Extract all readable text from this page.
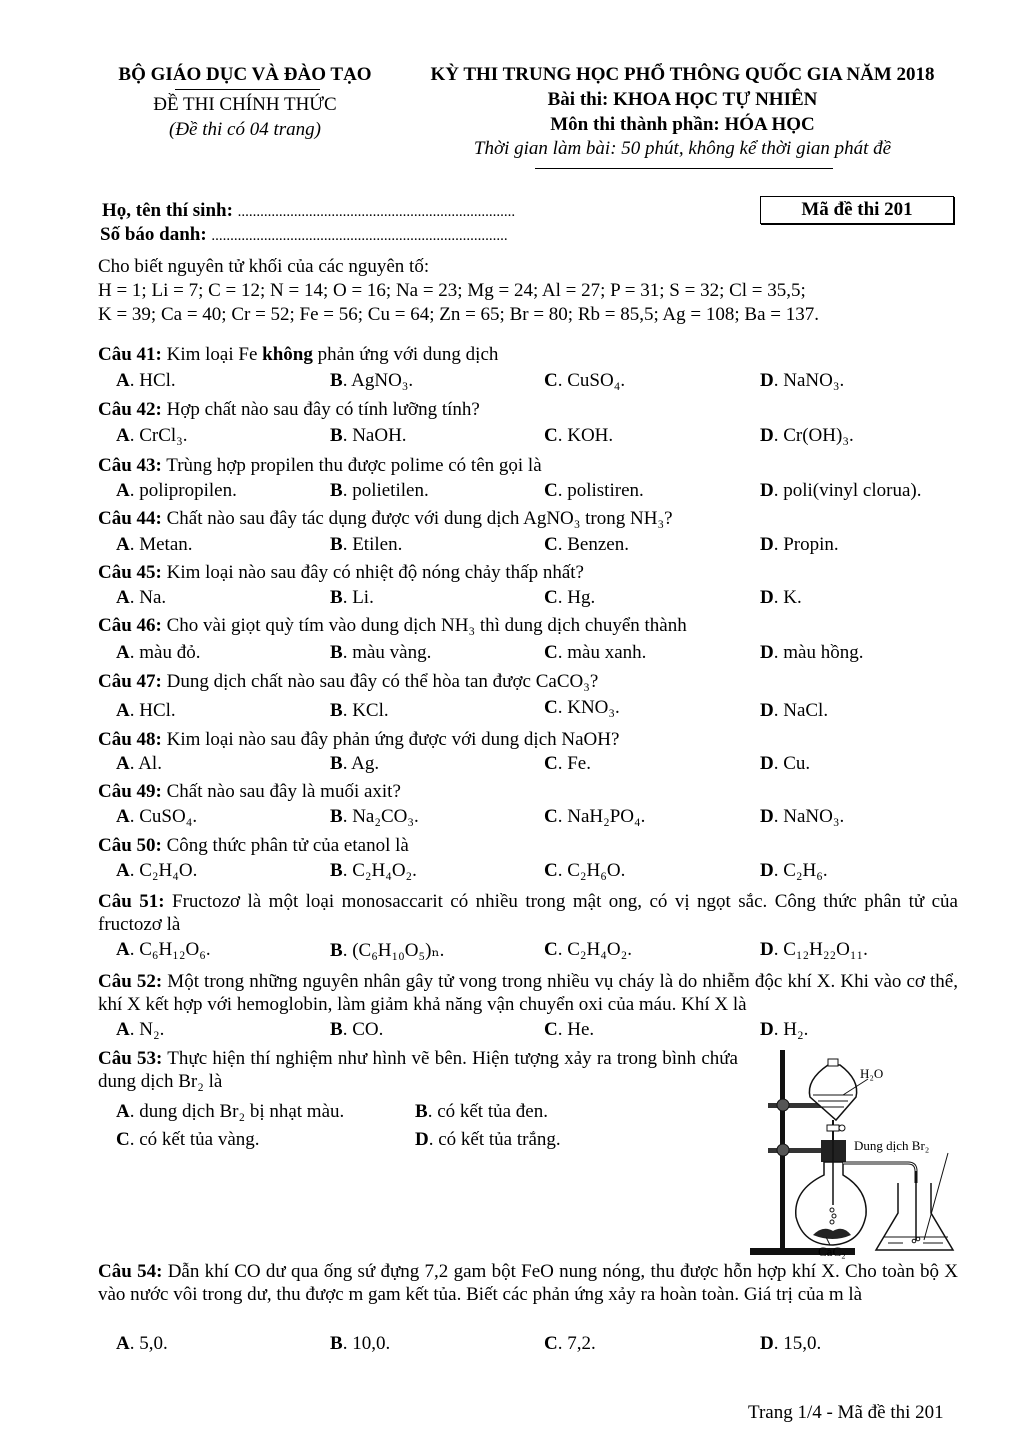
BỘ GIÁO DỤC VÀ ĐÀO TẠO
ĐỀ THI CHÍNH THỨC
(Đề thi có 04 trang)
KỲ THI TRUNG HỌC PHỔ THÔNG QUỐC GIA NĂM 2018
Bài thi: KHOA HỌC TỰ NHIÊN
Môn thi thành phần: HÓA HỌC
Thời gian làm bài: 50 phút, không kể thời gian phát đề
Họ, tên thí sinh: ..........................................................................
Số báo danh: ...............................................................................
Mã đề thi 201
Cho biết nguyên tử khối của các nguyên tố:
H = 1; Li = 7; C = 12; N = 14; O = 16; Na = 23; Mg = 24; Al = 27; P = 31; S = 32; Cl = 35,5;
K = 39; Ca = 40; Cr = 52; Fe = 56; Cu = 64; Zn = 65; Br = 80; Rb = 85,5; Ag = 108; Ba = 137.
Câu 41: Kim loại Fe không phản ứng với dung dịch
A. HCl.	B. AgNO₃.	C. CuSO₄.	D. NaNO₃.
Câu 42: Hợp chất nào sau đây có tính lưỡng tính?
A. CrCl₃.	B. NaOH.	C. KOH.	D. Cr(OH)₃.
Câu 43: Trùng hợp propilen thu được polime có tên gọi là
A. polipropilen.	B. polietilen.	C. polistiren.	D. poli(vinyl clorua).
Câu 44: Chất nào sau đây tác dụng được với dung dịch AgNO₃ trong NH₃?
A. Metan.	B. Etilen.	C. Benzen.	D. Propin.
Câu 45: Kim loại nào sau đây có nhiệt độ nóng chảy thấp nhất?
A. Na.	B. Li.	C. Hg.	D. K.
Câu 46: Cho vài giọt quỳ tím vào dung dịch NH₃ thì dung dịch chuyển thành
A. màu đỏ.	B. màu vàng.	C. màu xanh.	D. màu hồng.
Câu 47: Dung dịch chất nào sau đây có thể hòa tan được CaCO₃?
A. HCl.	B. KCl.	C. KNO₃.	D. NaCl.
Câu 48: Kim loại nào sau đây phản ứng được với dung dịch NaOH?
A. Al.	B. Ag.	C. Fe.	D. Cu.
Câu 49: Chất nào sau đây là muối axit?
A. CuSO₄.	B. Na₂CO₃.	C. NaH₂PO₄.	D. NaNO₃.
Câu 50: Công thức phân tử của etanol là
A. C₂H₄O.	B. C₂H₄O₂.	C. C₂H₆O.	D. C₂H₆.
Câu 51: Fructozơ là một loại monosaccarit có nhiều trong mật ong, có vị ngọt sắc. Công thức phân tử của fructozơ là
A. C₆H₁₂O₆.	B. (C₆H₁₀O₅)ₙ.	C. C₂H₄O₂.	D. C₁₂H₂₂O₁₁.
Câu 52: Một trong những nguyên nhân gây tử vong trong nhiều vụ cháy là do nhiễm độc khí X. Khi vào cơ thể, khí X kết hợp với hemoglobin, làm giảm khả năng vận chuyển oxi của máu. Khí X là
A. N₂.	B. CO.	C. He.	D. H₂.
Câu 53: Thực hiện thí nghiệm như hình vẽ bên. Hiện tượng xảy ra trong bình chứa dung dịch Br₂ là
A. dung dịch Br₂ bị nhạt màu.	B. có kết tủa đen.
C. có kết tủa vàng.	D. có kết tủa trắng.
Câu 54: Dẫn khí CO dư qua ống sứ đựng 7,2 gam bột FeO nung nóng, thu được hỗn hợp khí X. Cho toàn bộ X vào nước vôi trong dư, thu được m gam kết tủa. Biết các phản ứng xảy ra hoàn toàn. Giá trị của m là
A. 5,0.	B. 10,0.	C. 7,2.	D. 15,0.
H₂O
Dung dịch Br₂
CaC₂
Trang 1/4 - Mã đề thi 201
